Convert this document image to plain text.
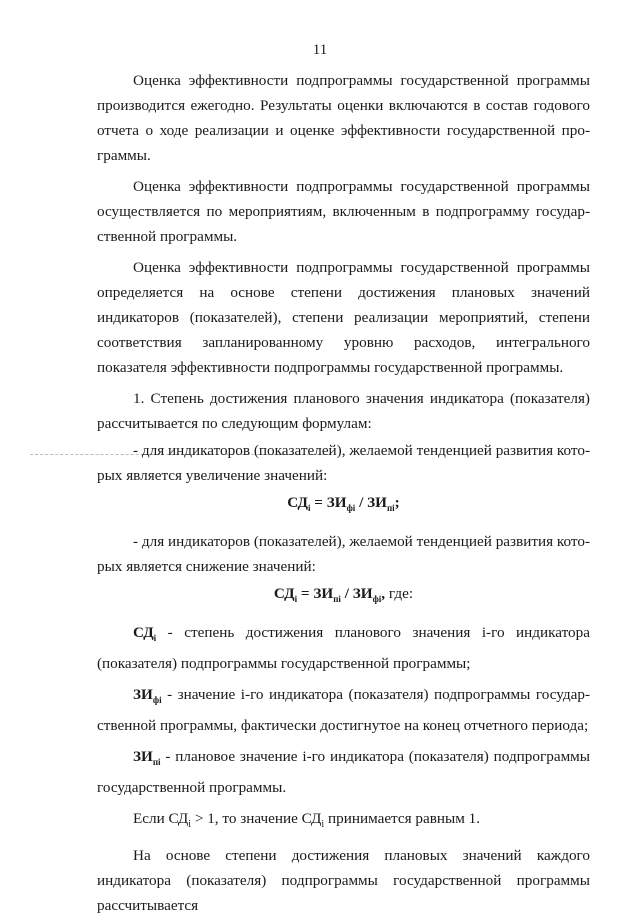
11

Оценка эффективности подпрограммы государственной программы производится ежегодно. Результаты оценки включаются в состав годового отчета о ходе реализации и оценке эффективности государственной программы.

Оценка эффективности подпрограммы государственной программы осуществляется по мероприятиям, включенным в подпрограмму государственной программы.

Оценка эффективности подпрограммы государственной программы определяется на основе степени достижения плановых значений индикаторов (показателей), степени реализации мероприятий, степени соответствия запланированному уровню расходов, интегрального показателя эффективности подпрограммы государственной программы.

1. Степень достижения планового значения индикатора (показателя) рассчитывается по следующим формулам:

- для индикаторов (показателей), желаемой тенденцией развития которых является увеличение значений:

$СД_i = ЗИ_{фi} / ЗИ_{пi}$;

- для индикаторов (показателей), желаемой тенденцией развития которых является снижение значений:

$СД_i = ЗИ_{пi} / ЗИ_{фi}$, где:

$СД_i$ - степень достижения планового значения i-го индикатора (показателя) подпрограммы государственной программы;

$ЗИ_{фi}$ - значение i-го индикатора (показателя) подпрограммы государственной программы, фактически достигнутое на конец отчетного периода;

$ЗИ_{пi}$ - плановое значение i-го индикатора (показателя) подпрограммы государственной программы.

Если $СД_i > 1$, то значение $СД_i$ принимается равным 1.

На основе степени достижения плановых значений каждого индикатора (показателя) подпрограммы государственной программы рассчитывается
